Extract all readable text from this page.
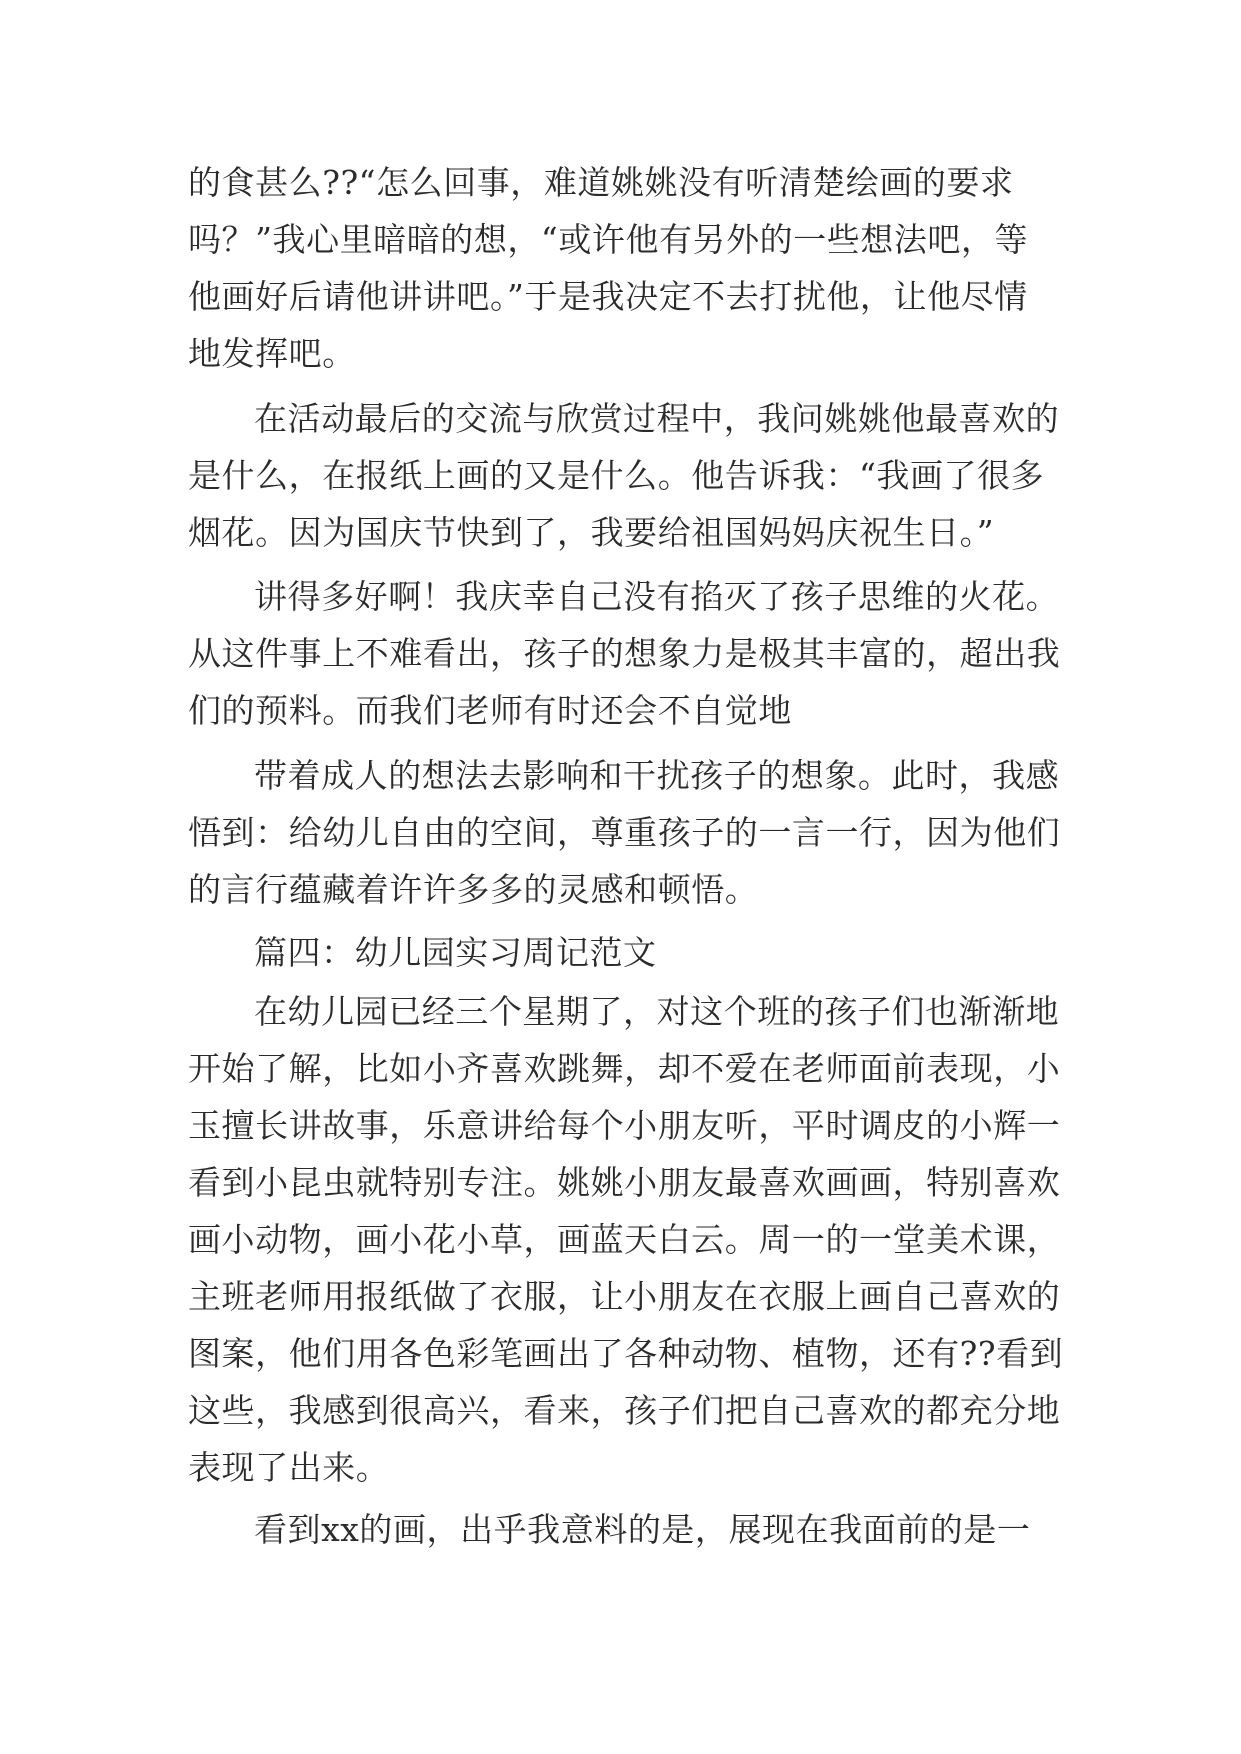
的食甚么??“怎么回事，难道姚姚没有听清楚绘画的要求
吗？”我心里暗暗的想，“或许他有另外的一些想法吧，等
他画好后请他讲讲吧。”于是我决定不去打扰他，让他尽情
地发挥吧。
在活动最后的交流与欣赏过程中，我问姚姚他最喜欢的
是什么，在报纸上画的又是什么。他告诉我：“我画了很多
烟花。因为国庆节快到了，我要给祖国妈妈庆祝生日。”
讲得多好啊！我庆幸自己没有掐灭了孩子思维的火花。
从这件事上不难看出，孩子的想象力是极其丰富的，超出我
们的预料。而我们老师有时还会不自觉地
带着成人的想法去影响和干扰孩子的想象。此时，我感
悟到：给幼儿自由的空间，尊重孩子的一言一行，因为他们
的言行蕴藏着许许多多的灵感和顿悟。
篇四：幼儿园实习周记范文
在幼儿园已经三个星期了，对这个班的孩子们也渐渐地
开始了解，比如小齐喜欢跳舞，却不爱在老师面前表现，小
玉擅长讲故事，乐意讲给每个小朋友听，平时调皮的小辉一
看到小昆虫就特别专注。姚姚小朋友最喜欢画画，特别喜欢
画小动物，画小花小草，画蓝天白云。周一的一堂美术课，
主班老师用报纸做了衣服，让小朋友在衣服上画自己喜欢的
图案，他们用各色彩笔画出了各种动物、植物，还有??看到
这些，我感到很高兴，看来，孩子们把自己喜欢的都充分地
表现了出来。
看到xx的画，出乎我意料的是，展现在我面前的是一
